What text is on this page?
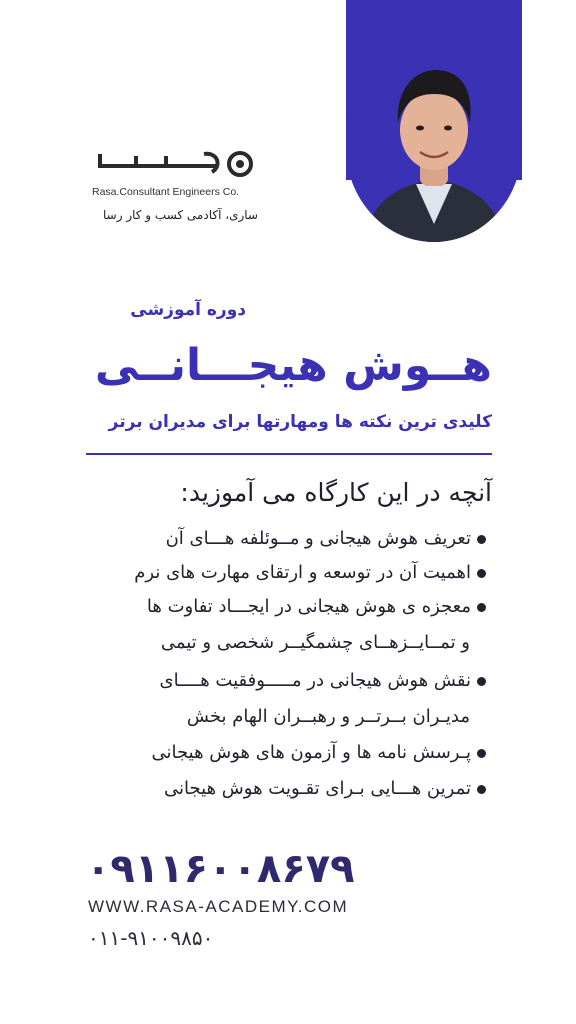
Rasa.Consultant Engineers Co.
ساری، آکادمی کسب و کار رسا
دوره آموزشی
هــوش هیجـــانــی
کلیدی ترین نکته ها ومهارتها برای مدیران برتر
آنچه در این کارگاه می آموزید:
تعریف هوش هیجانی و مــوئلفه هـــای آن
اهمیت آن در توسعه و ارتقای مهارت های نرم
معجزه ی هوش هیجانی در ایجـــاد تفاوت ها
و تمــایــزهــای چشمگیــر شخصی و تیمی
نقش هوش هیجانی در مـــــوفقیت هــــای
مدیـران بــرتــر و رهبــران الهام بخش
پـرسش نامه ها و آزمون های هوش هیجانی
تمرین هـــایی بـرای تقـویت هوش هیجانی
۰۹۱۱۶۰۰۸۶۷۹
WWW.RASA-ACADEMY.COM
۰۱۱-۹۱۰۰۹۸۵۰
